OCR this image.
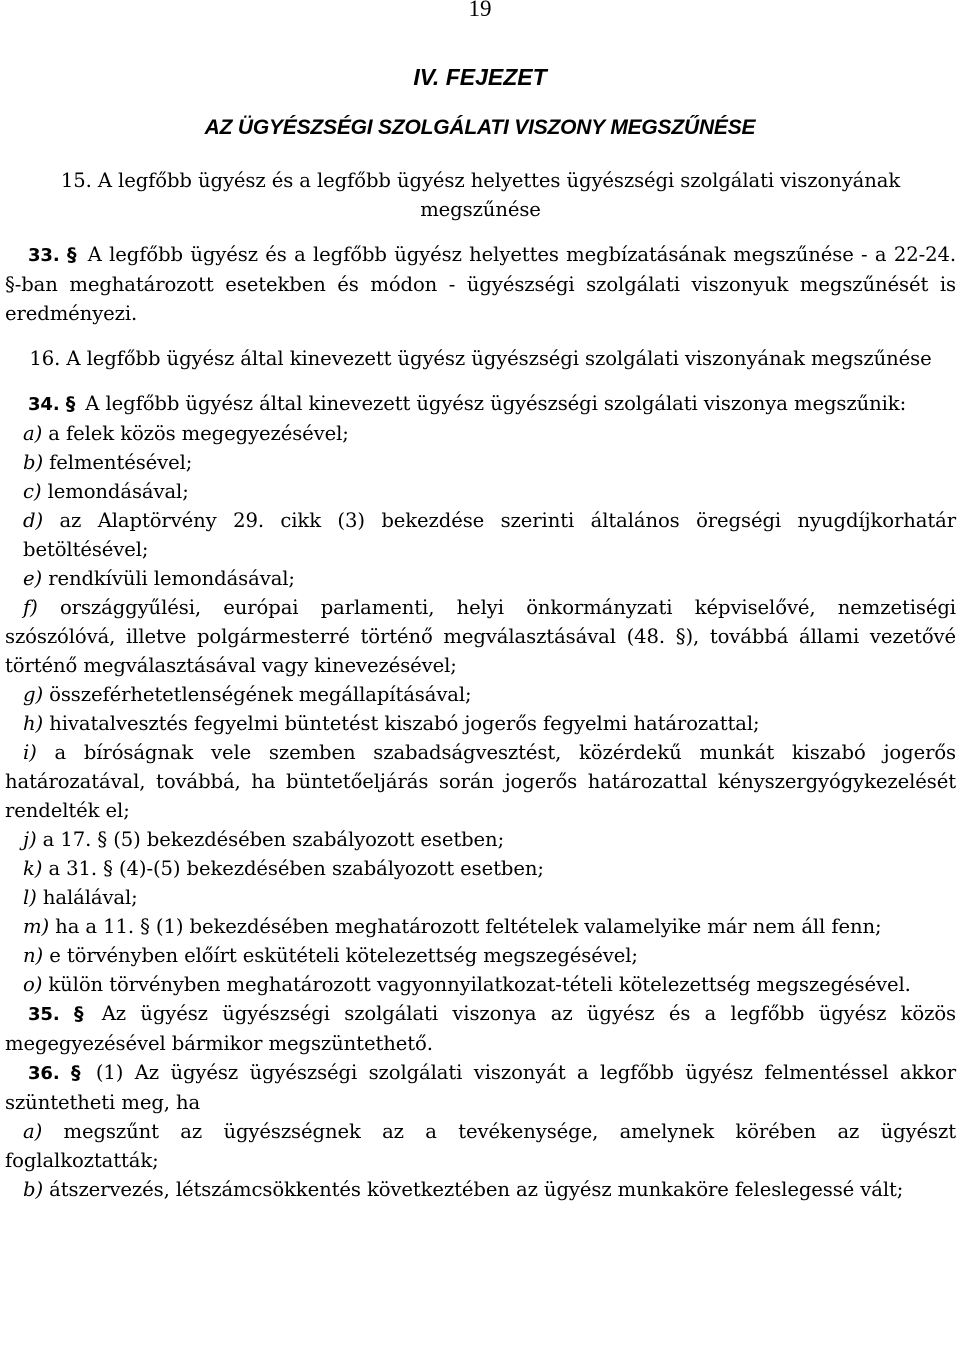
19
IV. FEJEZET
AZ ÜGYÉSZSÉGI SZOLGÁLATI VISZONY MEGSZŰNÉSE
15. A legfőbb ügyész és a legfőbb ügyész helyettes ügyészségi szolgálati viszonyának megszűnése
33. § A legfőbb ügyész és a legfőbb ügyész helyettes megbízatásának megszűnése - a 22-24. §-ban meghatározott esetekben és módon - ügyészségi szolgálati viszonyuk megszűnését is eredményezi.
16. A legfőbb ügyész által kinevezett ügyész ügyészségi szolgálati viszonyának megszűnése
34. § A legfőbb ügyész által kinevezett ügyész ügyészségi szolgálati viszonya megszűnik:
a) a felek közös megegyezésével;
b) felmentésével;
c) lemondásával;
d) az Alaptörvény 29. cikk (3) bekezdése szerinti általános öregségi nyugdíjkorhatár betöltésével;
e) rendkívüli lemondásával;
f) országgyűlési, európai parlamenti, helyi önkormányzati képviselővé, nemzetiségi szószólóvá, illetve polgármesterré történő megválasztásával (48. §), továbbá állami vezetővé történő megválasztásával vagy kinevezésével;
g) összeférhetetlenségének megállapításával;
h) hivatalvesztés fegyelmi büntetést kiszabó jogerős fegyelmi határozattal;
i) a bíróságnak vele szemben szabadságvesztést, közérdekű munkát kiszabó jogerős határozatával, továbbá, ha büntetőeljárás során jogerős határozattal kényszergyógykezelését rendelték el;
j) a 17. § (5) bekezdésében szabályozott esetben;
k) a 31. § (4)-(5) bekezdésében szabályozott esetben;
l) halálával;
m) ha a 11. § (1) bekezdésében meghatározott feltételek valamelyike már nem áll fenn;
n) e törvényben előírt esküt​ételi kötelezettség megszegésével;
o) külön törvényben meghatározott vagyonnyilatkozat-tételi kötelezettség megszegésével.
35. § Az ügyész ügyészségi szolgálati viszonya az ügyész és a legfőbb ügyész közös megegyezésével bármikor megszüntethető.
36. § (1) Az ügyész ügyészségi szolgálati viszonyát a legfőbb ügyész felmentéssel akkor szüntetheti meg, ha
a) megszűnt az ügyészségnek az a tevékenysége, amelynek körében az ügyészt foglalkoztatták;
b) átszervezés, létszámcsökkentés következtében az ügyész munkaköre feleslegessé vált;
